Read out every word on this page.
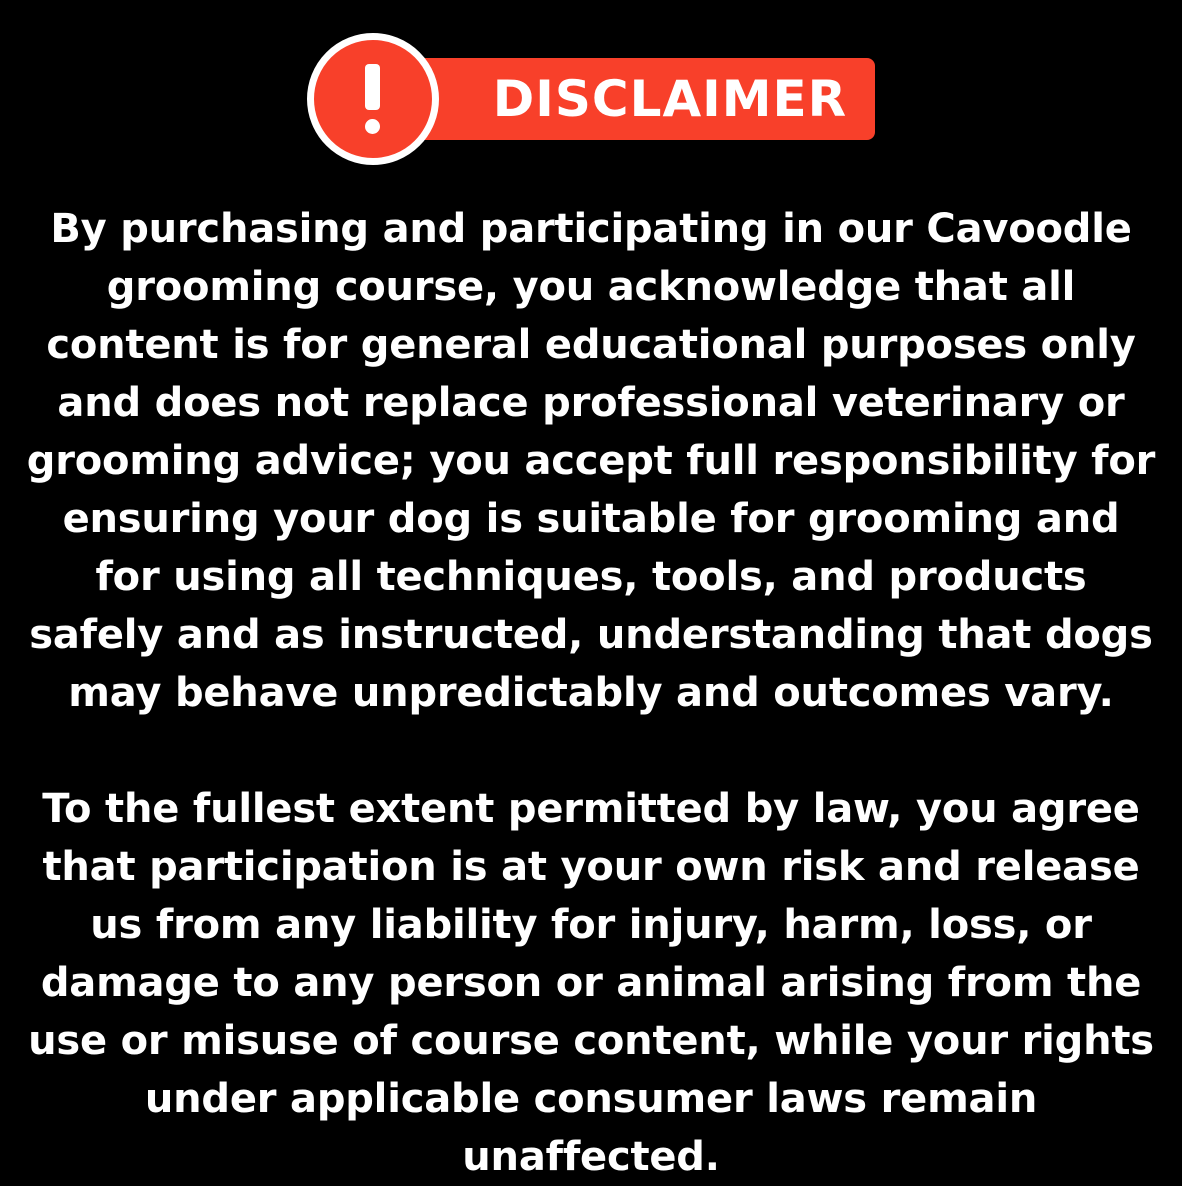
DISCLAIMER

By purchasing and participating in our Cavoodle grooming course, you acknowledge that all content is for general educational purposes only and does not replace professional veterinary or grooming advice; you accept full responsibility for ensuring your dog is suitable for grooming and for using all techniques, tools, and products safely and as instructed, understanding that dogs may behave unpredictably and outcomes vary.

To the fullest extent permitted by law, you agree that participation is at your own risk and release us from any liability for injury, harm, loss, or damage to any person or animal arising from the use or misuse of course content, while your rights under applicable consumer laws remain unaffected.
